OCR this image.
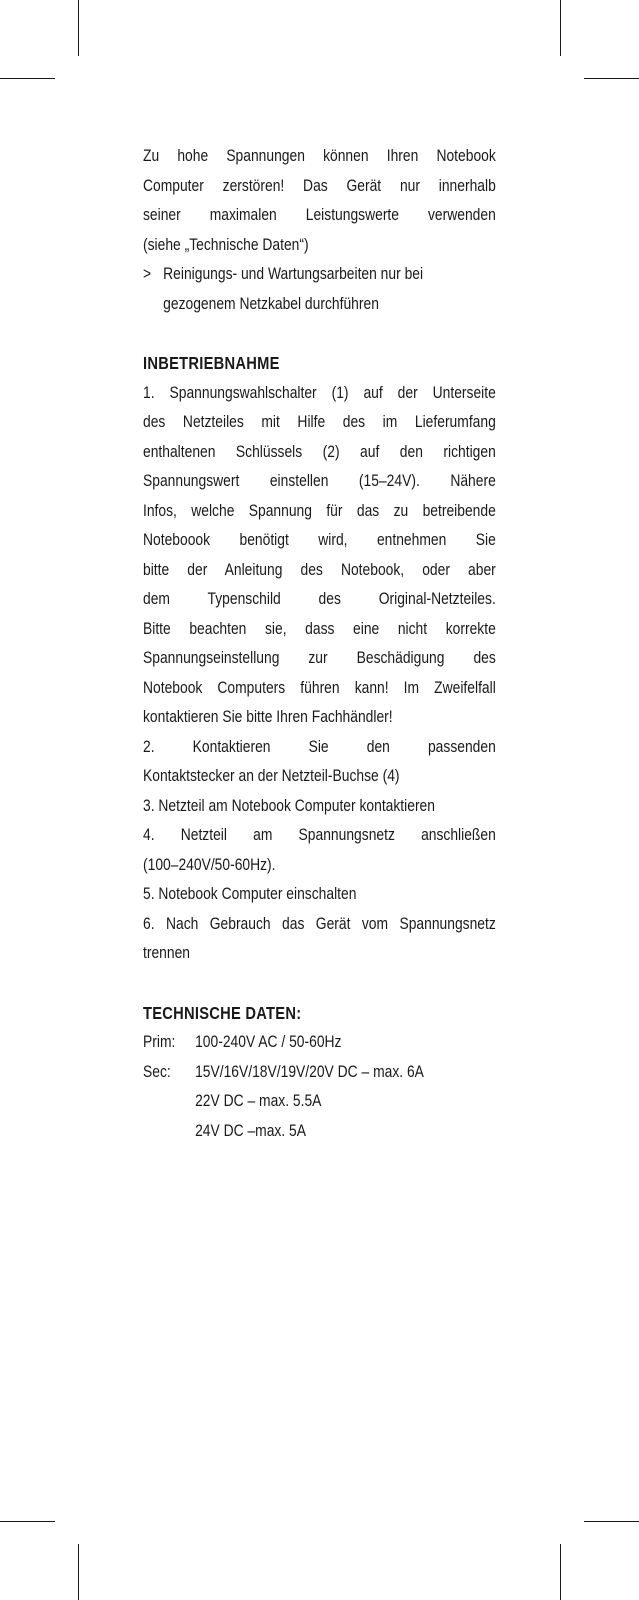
Zu hohe Spannungen können Ihren Notebook

Computer zerstören! Das Gerät nur innerhalb

seiner maximalen Leistungswerte verwenden

(siehe „Technische Daten“)

> Reinigungs- und Wartungsarbeiten nur bei

gezogenem Netzkabel durchführen

INBETRIEBNAHME

1. Spannungswahlschalter (1) auf der Unterseite

des Netzteiles mit Hilfe des im Lieferumfang

enthaltenen Schlüssels (2) auf den richtigen

Spannungswert einstellen (15–24V). Nähere

Infos, welche Spannung für das zu betreibende

Noteboook benötigt wird, entnehmen Sie

bitte der Anleitung des Notebook, oder aber

dem Typenschild des Original-Netzteiles.

Bitte beachten sie, dass eine nicht korrekte

Spannungseinstellung zur Beschädigung des

Notebook Computers führen kann! Im Zweifelfall

kontaktieren Sie bitte Ihren Fachhändler!

2. Kontaktieren Sie den passenden

Kontaktstecker an der Netzteil-Buchse (4)

3. Netzteil am Notebook Computer kontaktieren

4. Netzteil am Spannungsnetz anschließen

(100–240V/50-60Hz).

5. Notebook Computer einschalten

6. Nach Gebrauch das Gerät vom Spannungsnetz

trennen

TECHNISCHE DATEN:
Prim:	100-240V AC / 50-60Hz
Sec:	15V/16V/18V/19V/20V DC – max. 6A
22V DC – max. 5.5A
24V DC –max. 5A
